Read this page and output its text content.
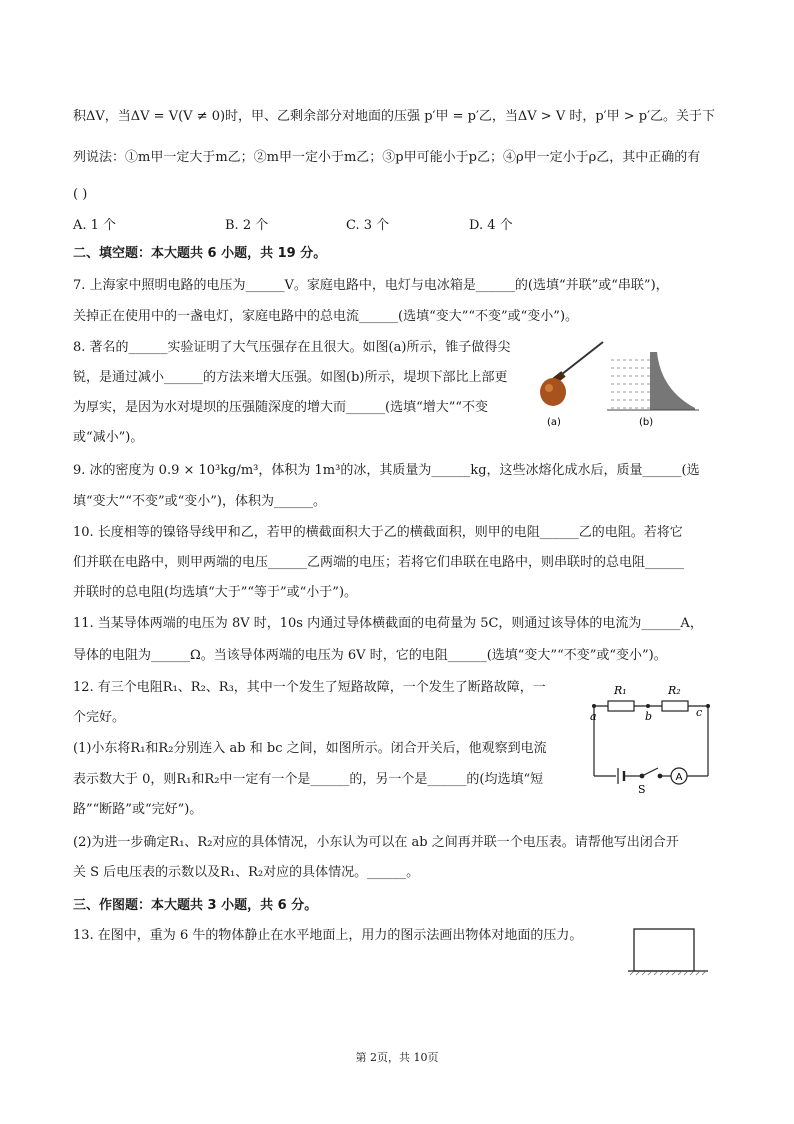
积ΔV，当ΔV = V(V ≠ 0)时，甲、乙剩余部分对地面的压强 p′甲 = p′乙，当ΔV > V 时，p′甲 > p′乙。关于下
列说法：①m甲一定大于m乙；②m甲一定小于m乙；③p甲可能小于p乙；④ρ甲一定小于ρ乙，其中正确的有
( )
A. 1 个	B. 2 个	C. 3 个	D. 4 个
二、填空题：本大题共 6 小题，共 19 分。
7. 上海家中照明电路的电压为______V。家庭电路中，电灯与电冰箱是______的(选填“并联”或“串联”)，
关掉正在使用中的一盏电灯，家庭电路中的总电流______(选填“变大”“不变”或“变小”)。
8. 著名的______实验证明了大气压强存在且很大。如图(a)所示，锥子做得尖
锐，是通过减小______的方法来增大压强。如图(b)所示，堤坝下部比上部更
为厚实，是因为水对堤坝的压强随深度的增大而______(选填“增大”“不变
或“减小”)。
(a)	(b)
9. 冰的密度为 0.9 × 10³kg/m³，体积为 1m³的冰，其质量为______kg，这些冰熔化成水后，质量______(选
填“变大”“不变”或“变小”)，体积为______。
10. 长度相等的镍铬导线甲和乙，若甲的横截面积大于乙的横截面积，则甲的电阻______乙的电阻。若将它
们并联在电路中，则甲两端的电压______乙两端的电压；若将它们串联在电路中，则串联时的总电阻______
并联时的总电阻(均选填“大于”“等于”或“小于”)。
11. 当某导体两端的电压为 8V 时，10s 内通过导体横截面的电荷量为 5C，则通过该导体的电流为______A，
导体的电阻为______Ω。当该导体两端的电压为 6V 时，它的电阻______(选填“变大”“不变”或“变小”)。
12. 有三个电阻R₁、R₂、R₃，其中一个发生了短路故障，一个发生了断路故障，一
个完好。
(1)小东将R₁和R₂分别连入 ab 和 bc 之间，如图所示。闭合开关后，他观察到电流
表示数大于 0，则R₁和R₂中一定有一个是______的，另一个是______的(均选填“短
路”“断路”或“完好”)。
(2)为进一步确定R₁、R₂对应的具体情况，小东认为可以在 ab 之间再并联一个电压表。请帮他写出闭合开
关 S 后电压表的示数以及R₁、R₂对应的具体情况。______。
A
R₁	R₂
a	b	c
S
三、作图题：本大题共 3 小题，共 6 分。
13. 在图中，重为 6 牛的物体静止在水平地面上，用力的图示法画出物体对地面的压力。
第 2页，共 10页
